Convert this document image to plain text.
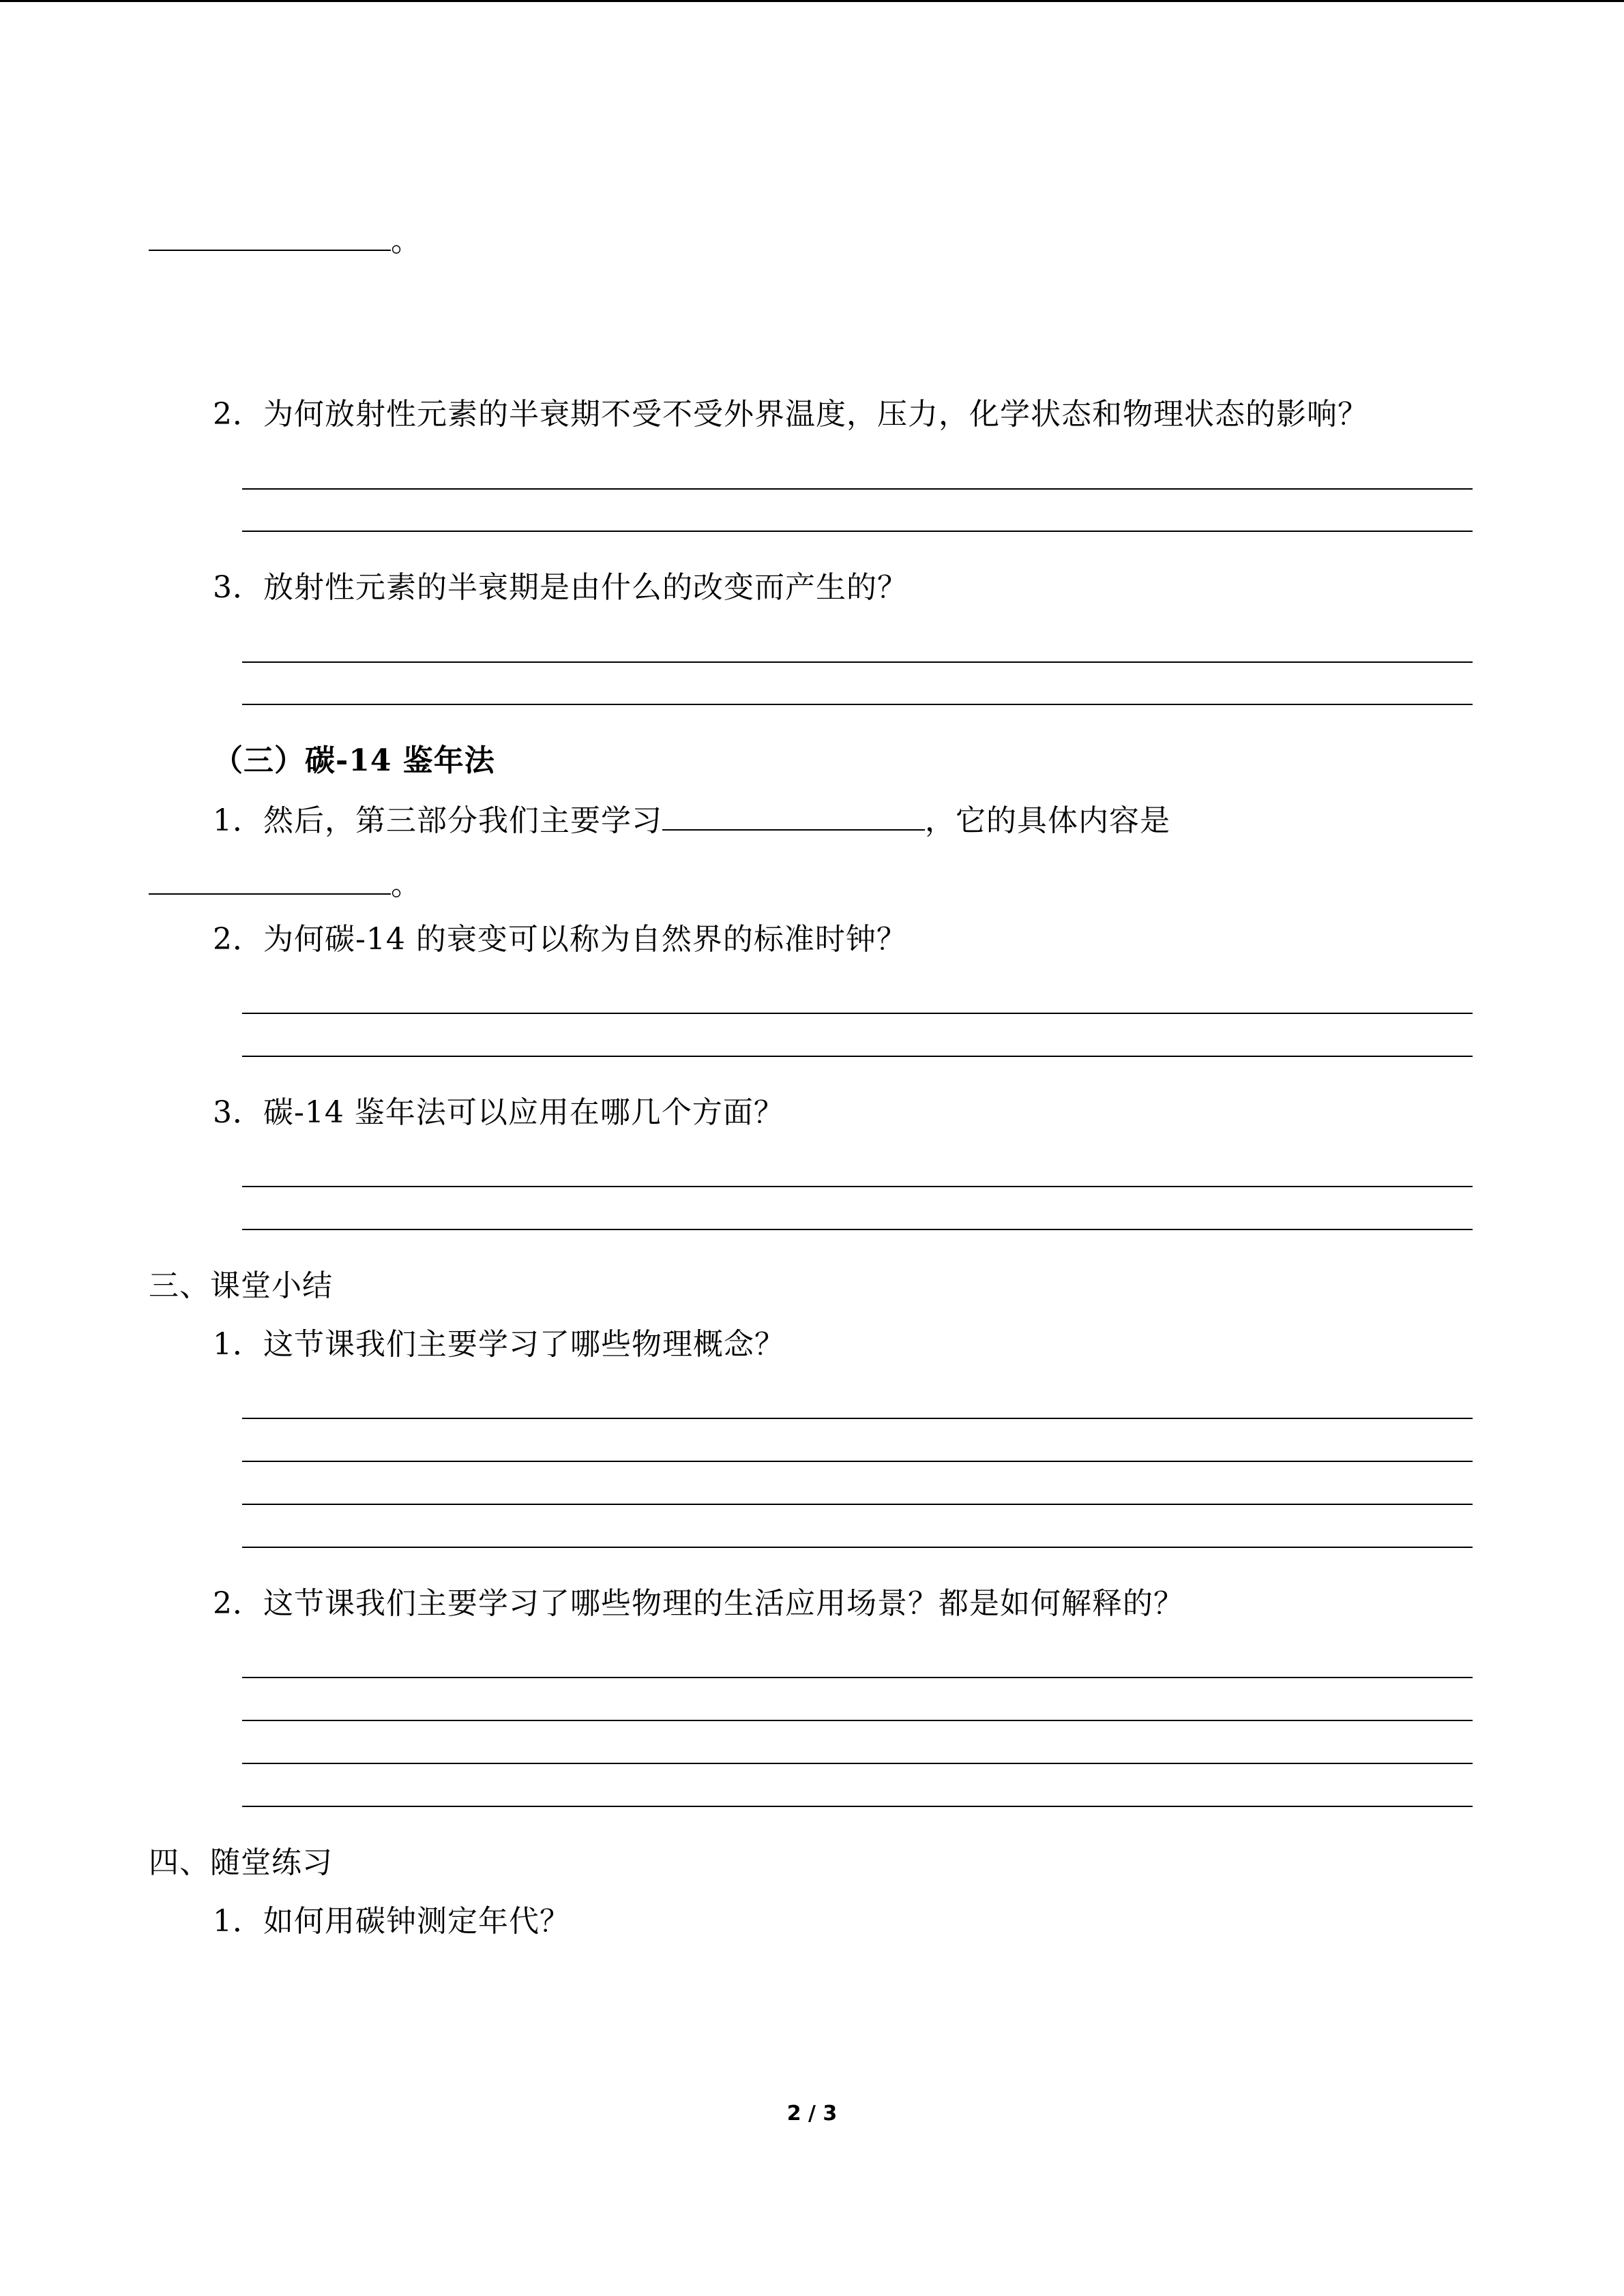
。
2．为何放射性元素的半衰期不受不受外界温度，压力，化学状态和物理状态的影响？
3．放射性元素的半衰期是由什么的改变而产生的？
（三）碳-14 鉴年法
1．然后，第三部分我们主要学习	，它的具体内容是
。
2．为何碳-14 的衰变可以称为自然界的标准时钟？
3．碳-14 鉴年法可以应用在哪几个方面？
三、课堂小结
1．这节课我们主要学习了哪些物理概念？
2．这节课我们主要学习了哪些物理的生活应用场景？都是如何解释的？
四、随堂练习
1．如何用碳钟测定年代？
2 / 3
